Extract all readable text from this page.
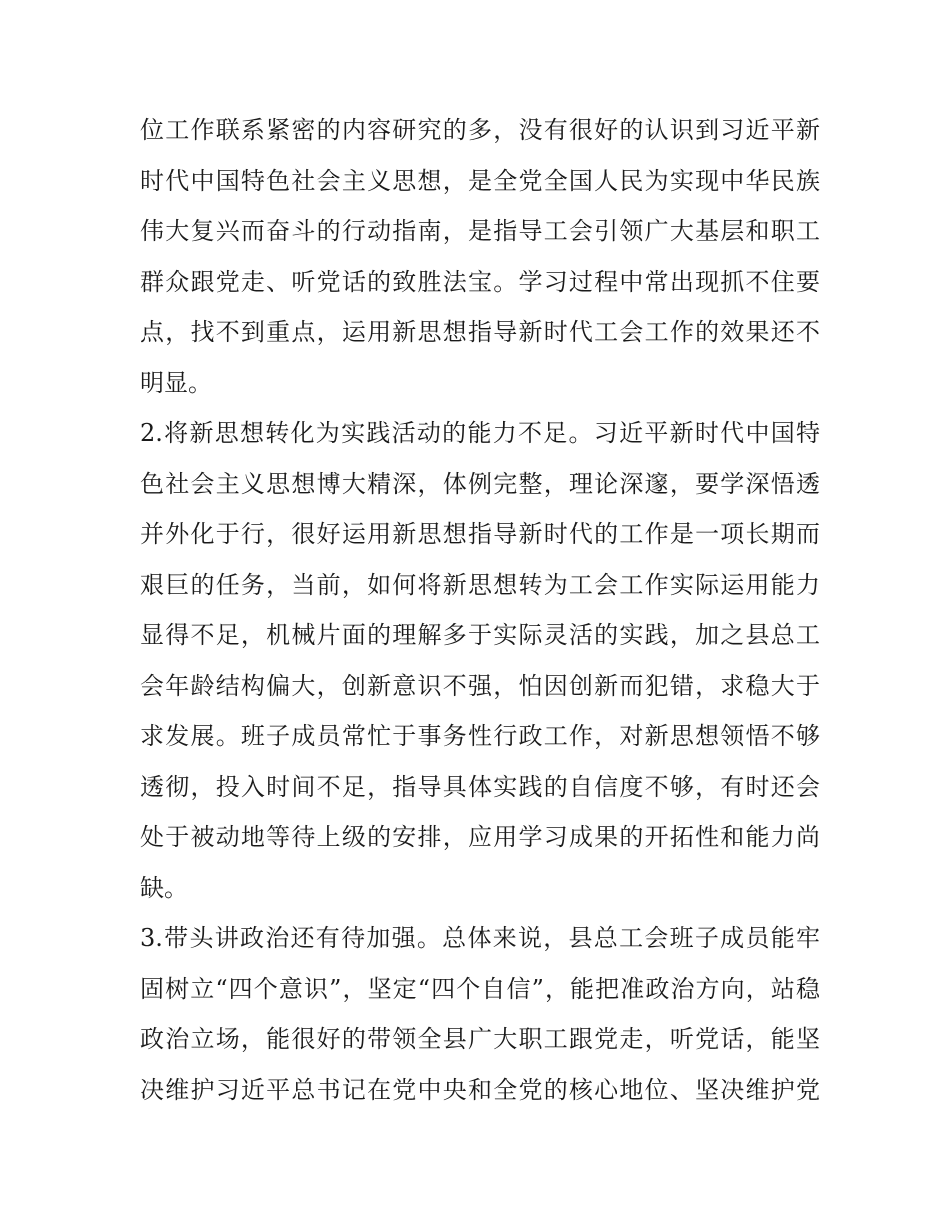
位工作联系紧密的内容研究的多，没有很好的认识到习近平新
时代中国特色社会主义思想，是全党全国人民为实现中华民族
伟大复兴而奋斗的行动指南，是指导工会引领广大基层和职工
群众跟党走、听党话的致胜法宝。学习过程中常出现抓不住要
点，找不到重点，运用新思想指导新时代工会工作的效果还不
明显。
2.将新思想转化为实践活动的能力不足。习近平新时代中国特
色社会主义思想博大精深，体例完整，理论深邃，要学深悟透
并外化于行，很好运用新思想指导新时代的工作是一项长期而
艰巨的任务，当前，如何将新思想转为工会工作实际运用能力
显得不足，机械片面的理解多于实际灵活的实践，加之县总工
会年龄结构偏大，创新意识不强，怕因创新而犯错，求稳大于
求发展。班子成员常忙于事务性行政工作，对新思想领悟不够
透彻，投入时间不足，指导具体实践的自信度不够，有时还会
处于被动地等待上级的安排，应用学习成果的开拓性和能力尚
缺。
3.带头讲政治还有待加强。总体来说，县总工会班子成员能牢
固树立“四个意识”，坚定“四个自信”，能把准政治方向，站稳
政治立场，能很好的带领全县广大职工跟党走，听党话，能坚
决维护习近平总书记在党中央和全党的核心地位、坚决维护党
